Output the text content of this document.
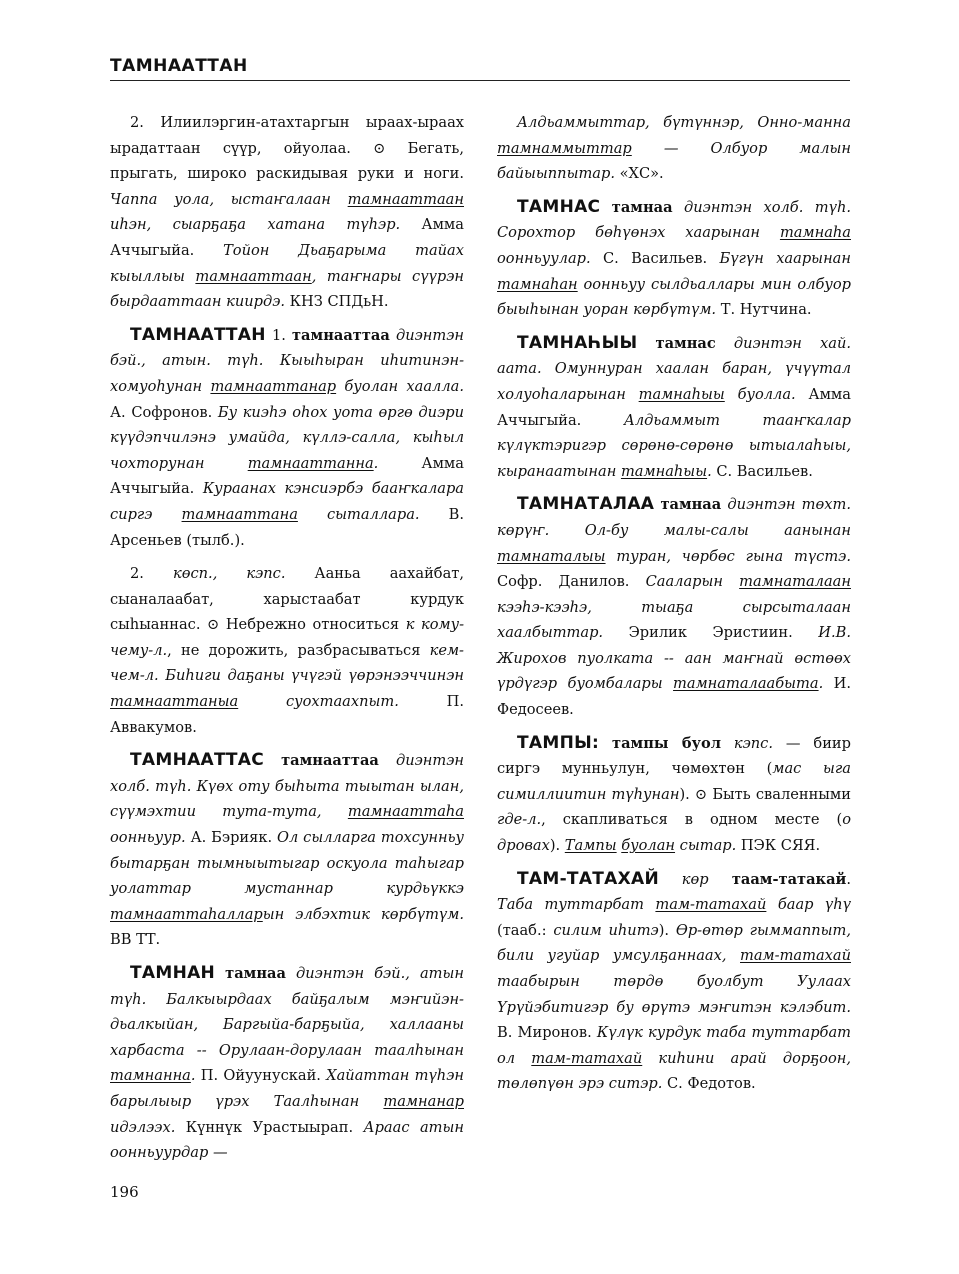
ТАМНААТТАН

2. Илиилэргин-атахтаргын ыраах-ыраах ырадаттаан сүүр, ойуолаа. ⊙ Бегать, прыгать, широко раскидывая руки и ноги. Чаппа уола, ыстаҥалаан тамнааттаан иһэн, сыарҕаҕа хатана түһэр. Амма Аччыгыйа. Тойон Дьаҕарыма тайах кыыллыы тамнааттаан, таҥнары сүүрэн бырдааттаан киирдэ. КНЗ СПДьН.

ТАМНААТТАН 1. тамнааттаа диэнтэн бэй., атын. түһ. Кыыһыран иһитинэн-хомуоһунан тамнааттанар буолан хаалла. А. Софронов. Бу киэһэ оһох уота өргө диэри күүдэпчилэнэ умайда, күллэ-салла, кыһыл чохторунан тамнааттанна. Амма Аччыгыйа. Кураанах кэнсиэрбэ бааҥкалара сиргэ тамнааттана сыталлара. В. Арсеньев (тылб.).

2. көсп., кэпс. Ааньа аахайбат, сыаналаабат, харыстаабат курдук сыһыаннас. ⊙ Небрежно относиться к кому-чему-л., не дорожить, разбрасываться кем-чем-л. Биһиги даҕаны үчүгэй үөрэнээччинэн тамнааттаныа суохтаахпыт. П. Аввакумов.

ТАМНААТТАС тамнааттаа диэнтэн холб. түһ. Күөх оту быһыта тыытан ылан, сүүмэхтии тута-тута, тамнааттаһа оонньуур. А. Бэрияк. Ол сылларга тохсунньу бытарҕан тымныытыгар оскуола таһыгар уолаттар мустаннар курдьүккэ тамнааттаһалларын элбэхтик көрбүтүм. ВВ ТТ.

ТАМНАН тамнаа диэнтэн бэй., атын түһ. Балкыырдаах байҕалым мэҥийэн-дьалкыйан, Баргыйа-барҕыйа, халлааны харбаста -- Орулаан-дорулаан таалһынан тамнанна. П. Ойуунускай. Хайаттан түһэн барылыыр үрэх Таалһынан тамнанар идэлээх. Күннүк Урастыырап. Араас атын оонньуурдар —

Алдьаммыттар, бүтүннэр, Онно-манна тамнаммыттар — Олбуор малын байыыппытар. «ХС».

ТАМНАС тамнаа диэнтэн холб. түһ. Сорохтор бөһүөнэх хаарынан тамнаһа оонньуулар. С. Васильев. Бүгүн хаарынан тамнаһан оонньуу сылдьаллары мин олбуор быыһынан уоран көрбүтүм. Т. Нутчина.

ТАМНАҺЫЫ тамнас диэнтэн хай. аата. Омуннуран хаалан баран, үчүүтал холуоһаларынан тамнаһыы буолла. Амма Аччыгыйа. Алдьаммыт тааҥкалар күлүктэригэр сөрөнө-сөрөнө ытыалаһыы, кыранаатынан тамнаһыы. С. Васильев.

ТАМНАТАЛАА тамнаа диэнтэн төхт. көрүҥ. Ол-бу малы-салы аанынан тамнаталыы туран, чөрбөс гына түстэ. Софр. Данилов. Сааларын тамнаталаан кээһэ-кээһэ, тыаҕа сырсыталаан хаалбыттар. Эрилик Эристиин. И.В. Жирохов пуолката -- аан маҥнай өстөөх үрдүгэр буомбалары тамнаталаабыта. И. Федосеев.

ТАМПЫ: тампы буол кэпс. — биир сиргэ мунньулун, чөмөхтөн (мас ыга симиллиитин түһунан). ⊙ Быть сваленными где-л., скапливаться в одном месте (о дровах). Тампы буолан сытар. ПЭК СЯЯ.

ТАМ-ТАТАХАЙ көр таам-татакай. Таба туттарбат там-татахай баар үһү (тааб.: силим иһитэ). Өр-өтөр гыммаппыт, били угуйар умсулҕаннаах, там-татахай таабырын төрдө буолбут Уулаах Үрүйэбитигэр бу өрүтэ мэҥитэн кэлэбит. В. Миронов. Күлүк курдук таба туттарбат ол там-татахай киһини арай дорҕоон, төлөпүөн эрэ ситэр. С. Федотов.

196
